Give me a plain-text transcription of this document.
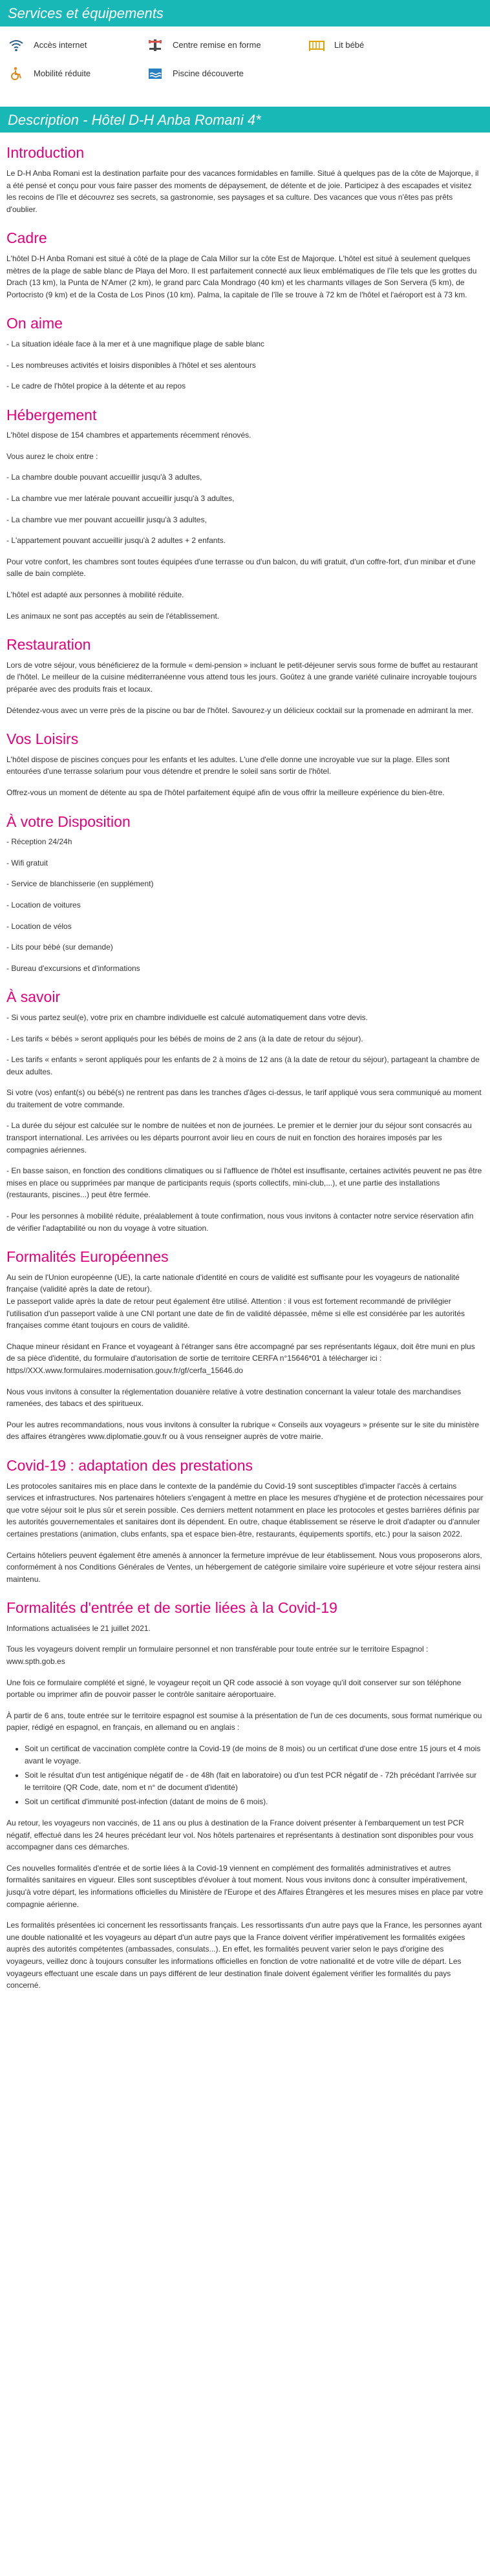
Services et équipements
Accès internet	Centre remise en forme	Lit bébé
Mobilité réduite	Piscine découverte
Description - Hôtel D-H Anba Romani 4*
Introduction

Le D-H Anba Romani est la destination parfaite pour des vacances formidables en famille. Situé à quelques pas de la côte de Majorque, il a été pensé et conçu pour vous faire passer des moments de dépaysement, de détente et de joie. Participez à des escapades et visitez les recoins de l'île et découvrez ses secrets, sa gastronomie, ses paysages et sa culture. Des vacances que vous n'êtes pas prêts d'oublier.

Cadre

L'hôtel D-H Anba Romani est situé à côté de la plage de Cala Millor sur la côte Est de Majorque. L'hôtel est situé à seulement quelques mètres de la plage de sable blanc de Playa del Moro. Il est parfaitement connecté aux lieux emblématiques de l'île tels que les grottes du Drach (13 km), la Punta de N'Amer (2 km), le grand parc Cala Mondrago (40 km) et les charmants villages de Son Servera (5 km), de Portocristo (9 km) et de la Costa de Los Pinos (10 km). Palma, la capitale de l'île se trouve à 72 km de l'hôtel et l'aéroport est à 73 km.

On aime

- La situation idéale face à la mer et à une magnifique plage de sable blanc

- Les nombreuses activités et loisirs disponibles à l'hôtel et ses alentours

- Le cadre de l'hôtel propice à la détente et au repos

Hébergement

L'hôtel dispose de 154 chambres et appartements récemment rénovés.

Vous aurez le choix entre :

- La chambre double pouvant accueillir jusqu'à 3 adultes,

- La chambre vue mer latérale pouvant accueillir jusqu'à 3 adultes,

- La chambre vue mer pouvant accueillir jusqu'à 3 adultes,

- L'appartement pouvant accueillir jusqu'à 2 adultes + 2 enfants.

Pour votre confort, les chambres sont toutes équipées d'une terrasse ou d'un balcon, du wifi gratuit, d'un coffre-fort, d'un minibar et d'une salle de bain complète.

L'hôtel est adapté aux personnes à mobilité réduite.

Les animaux ne sont pas acceptés au sein de l'établissement.

Restauration

Lors de votre séjour, vous bénéficierez de la formule « demi-pension » incluant le petit-déjeuner servis sous forme de buffet au restaurant de l'hôtel. Le meilleur de la cuisine méditerranéenne vous attend tous les jours. Goûtez à une grande variété culinaire incroyable toujours préparée avec des produits frais et locaux.

Détendez-vous avec un verre près de la piscine ou bar de l'hôtel. Savourez-y un délicieux cocktail sur la promenade en admirant la mer.

Vos Loisirs

L'hôtel dispose de piscines conçues pour les enfants et les adultes. L'une d'elle donne une incroyable vue sur la plage. Elles sont entourées d'une terrasse solarium pour vous détendre et prendre le soleil sans sortir de l'hôtel.

Offrez-vous un moment de détente au spa de l'hôtel parfaitement équipé afin de vous offrir la meilleure expérience du bien-être.

À votre Disposition

- Réception 24/24h

- Wifi gratuit

- Service de blanchisserie (en supplément)

- Location de voitures

- Location de vélos

- Lits pour bébé (sur demande)

- Bureau d'excursions et d'informations

À savoir

- Si vous partez seul(e), votre prix en chambre individuelle est calculé automatiquement dans votre devis.

- Les tarifs « bébés » seront appliqués pour les bébés de moins de 2 ans (à la date de retour du séjour).

- Les tarifs « enfants » seront appliqués pour les enfants de 2 à moins de 12 ans (à la date de retour du séjour), partageant la chambre de deux adultes.

Si votre (vos) enfant(s) ou bébé(s) ne rentrent pas dans les tranches d'âges ci-dessus, le tarif appliqué vous sera communiqué au moment du traitement de votre commande.

- La durée du séjour est calculée sur le nombre de nuitées et non de journées. Le premier et le dernier jour du séjour sont consacrés au transport international. Les arrivées ou les départs pourront avoir lieu en cours de nuit en fonction des horaires imposés par les compagnies aériennes.

- En basse saison, en fonction des conditions climatiques ou si l'affluence de l'hôtel est insuffisante, certaines activités peuvent ne pas être mises en place ou supprimées par manque de participants requis (sports collectifs, mini-club,...), et une partie des installations (restaurants, piscines...) peut être fermée.

- Pour les personnes à mobilité réduite, préalablement à toute confirmation, nous vous invitons à contacter notre service réservation afin de vérifier l'adaptabilité ou non du voyage à votre situation.

Formalités Européennes

Au sein de l'Union européenne (UE), la carte nationale d'identité en cours de validité est suffisante pour les voyageurs de nationalité française (validité après la date de retour).
Le passeport valide après la date de retour peut également être utilisé. Attention : il vous est fortement recommandé de privilégier l'utilisation d'un passeport valide à une CNI portant une date de fin de validité dépassée, même si elle est considérée par les autorités françaises comme étant toujours en cours de validité.

Chaque mineur résidant en France et voyageant à l'étranger sans être accompagné par ses représentants légaux, doit être muni en plus de sa pièce d'identité, du formulaire d'autorisation de sortie de territoire CERFA n°15646*01 à télécharger ici : https//XXX.www.formulaires.modernisation.gouv.fr/gf/cerfa_15646.do

Nous vous invitons à consulter la réglementation douanière relative à votre destination concernant la valeur totale des marchandises ramenées, des tabacs et des spiritueux.

Pour les autres recommandations, nous vous invitons à consulter la rubrique « Conseils aux voyageurs » présente sur le site du ministère des affaires étrangères www.diplomatie.gouv.fr ou à vous renseigner auprès de votre mairie.

Covid-19 : adaptation des prestations

Les protocoles sanitaires mis en place dans le contexte de la pandémie du Covid-19 sont susceptibles d'impacter l'accès à certains services et infrastructures. Nos partenaires hôteliers s'engagent à mettre en place les mesures d'hygiène et de protection nécessaires pour que votre séjour soit le plus sûr et serein possible. Ces derniers mettent notamment en place les protocoles et gestes barrières définis par les autorités gouvernementales et sanitaires dont ils dépendent. En outre, chaque établissement se réserve le droit d'adapter ou d'annuler certaines prestations (animation, clubs enfants, spa et espace bien-être, restaurants, équipements sportifs, etc.) pour la saison 2022.

Certains hôteliers peuvent également être amenés à annoncer la fermeture imprévue de leur établissement. Nous vous proposerons alors, conformément à nos Conditions Générales de Ventes, un hébergement de catégorie similaire voire supérieure et votre séjour restera ainsi maintenu.

Formalités d'entrée et de sortie liées à la Covid-19

Informations actualisées le 21 juillet 2021.

Tous les voyageurs doivent remplir un formulaire personnel et non transférable pour toute entrée sur le territoire Espagnol : www.spth.gob.es

Une fois ce formulaire complété et signé, le voyageur reçoit un QR code associé à son voyage qu'il doit conserver sur son téléphone portable ou imprimer afin de pouvoir passer le contrôle sanitaire aéroportuaire.

À partir de 6 ans, toute entrée sur le territoire espagnol est soumise à la présentation de l'un de ces documents, sous format numérique ou papier, rédigé en espagnol, en français, en allemand ou en anglais :

• Soit un certificat de vaccination complète contre la Covid-19 (de moins de 8 mois) ou un certificat d'une dose entre 15 jours et 4 mois avant le voyage.
• Soit le résultat d'un test antigénique négatif de - de 48h (fait en laboratoire) ou d'un test PCR négatif de - 72h précédant l'arrivée sur le territoire (QR Code, date, nom et n° de document d'identité)
• Soit un certificat d'immunité post-infection (datant de moins de 6 mois).

Au retour, les voyageurs non vaccinés, de 11 ans ou plus à destination de la France doivent présenter à l'embarquement un test PCR négatif, effectué dans les 24 heures précédant leur vol. Nos hôtels partenaires et représentants à destination sont disponibles pour vous accompagner dans ces démarches.

Ces nouvelles formalités d'entrée et de sortie liées à la Covid-19 viennent en complément des formalités administratives et autres formalités sanitaires en vigueur. Elles sont susceptibles d'évoluer à tout moment. Nous vous invitons donc à consulter impérativement, jusqu'à votre départ, les informations officielles du Ministère de l'Europe et des Affaires Étrangères et les mesures mises en place par votre compagnie aérienne.

Les formalités présentées ici concernent les ressortissants français. Les ressortissants d'un autre pays que la France, les personnes ayant une double nationalité et les voyageurs au départ d'un autre pays que la France doivent vérifier impérativement les formalités exigées auprès des autorités compétentes (ambassades, consulats...). En effet, les formalités peuvent varier selon le pays d'origine des voyageurs, veillez donc à toujours consulter les informations officielles en fonction de votre nationalité et de votre ville de départ. Les voyageurs effectuant une escale dans un pays différent de leur destination finale doivent également vérifier les formalités du pays concerné.
